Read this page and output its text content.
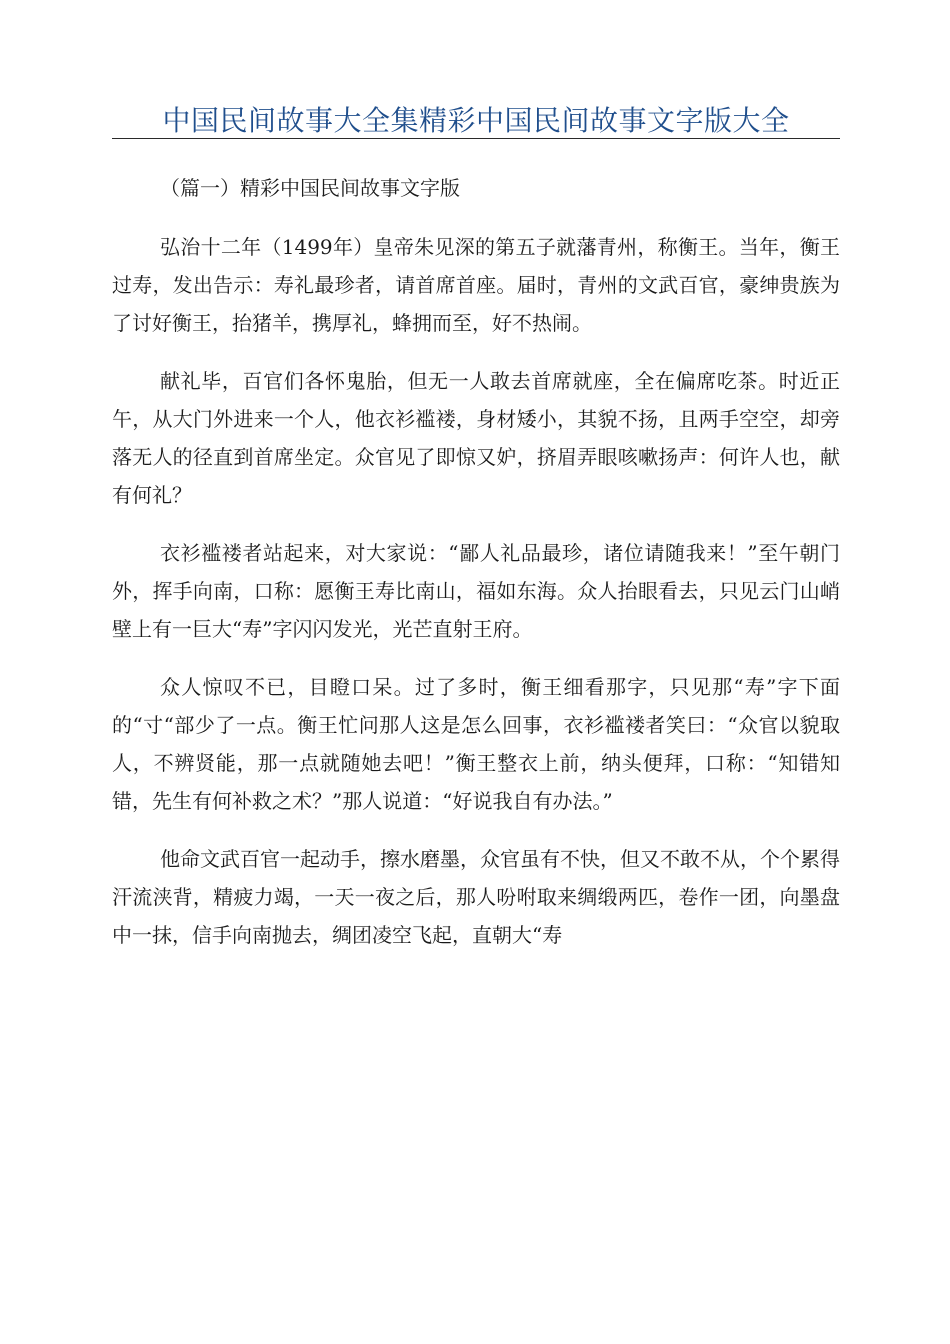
中国民间故事大全集精彩中国民间故事文字版大全
（篇一）精彩中国民间故事文字版

弘治十二年（1499年）皇帝朱见深的第五子就藩青州，称衡王。当年，衡王过寿，发出告示：寿礼最珍者，请首席首座。届时，青州的文武百官，豪绅贵族为了讨好衡王，抬猪羊，携厚礼，蜂拥而至，好不热闹。

献礼毕，百官们各怀鬼胎，但无一人敢去首席就座，全在偏席吃茶。时近正午，从大门外进来一个人，他衣衫褴褛，身材矮小，其貌不扬，且两手空空，却旁落无人的径直到首席坐定。众官见了即惊又妒，挤眉弄眼咳嗽扬声：何许人也，献有何礼？

衣衫褴褛者站起来，对大家说：“鄙人礼品最珍，诸位请随我来！”至午朝门外，挥手向南，口称：愿衡王寿比南山，福如东海。众人抬眼看去，只见云门山峭壁上有一巨大“寿”字闪闪发光，光芒直射王府。

众人惊叹不已，目瞪口呆。过了多时，衡王细看那字，只见那“寿”字下面的“寸“部少了一点。衡王忙问那人这是怎么回事，衣衫褴褛者笑曰：“众官以貌取人，不辨贤能，那一点就随她去吧！”衡王整衣上前，纳头便拜，口称：“知错知错，先生有何补救之术？”那人说道：“好说我自有办法。”

他命文武百官一起动手，擦水磨墨，众官虽有不快，但又不敢不从，个个累得汗流浃背，精疲力竭，一天一夜之后，那人吩咐取来绸缎两匹，卷作一团，向墨盘中一抹，信手向南抛去，绸团凌空飞起，直朝大“寿
